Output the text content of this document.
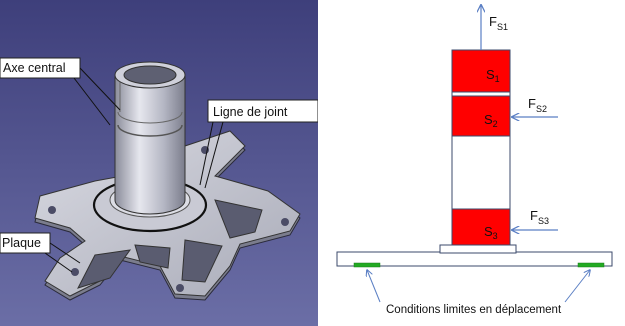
Axe central
Ligne de joint
Plaque
$S_1$
$S_2$
$S_3$
$F_{S1}$
$F_{S2}$
$F_{S3}$
Conditions limites en déplacement
